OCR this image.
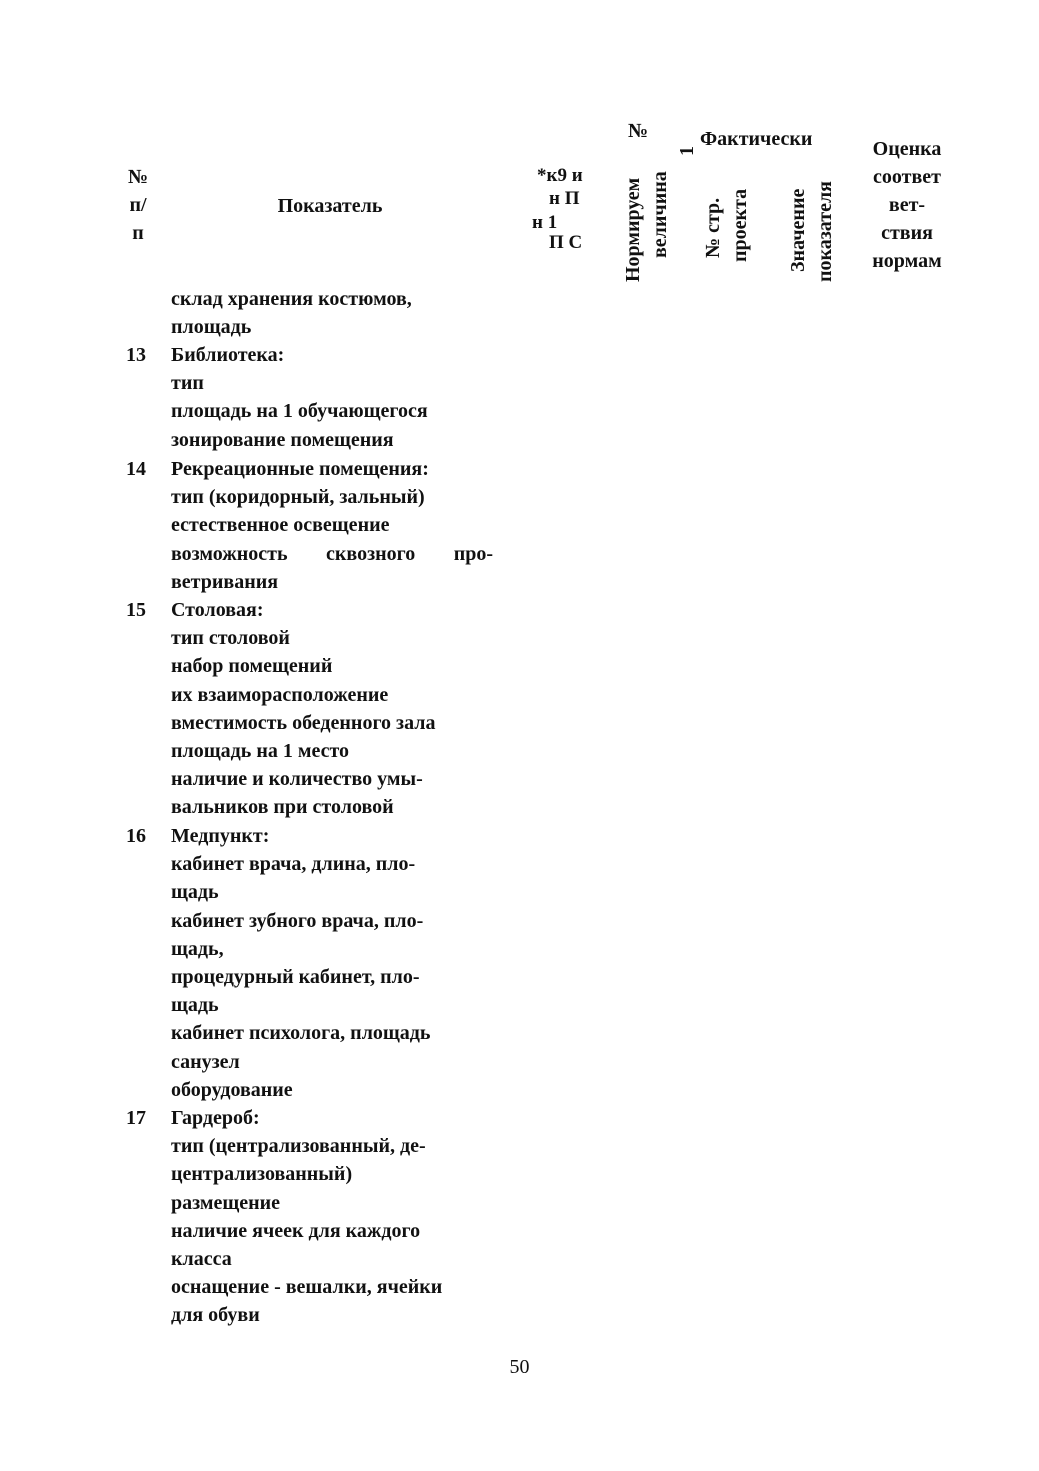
№
п/
п
Показатель
*к9 и
н П
н 1
П С
№
1
Нормируем величина
Фактически
№ стр. проекта Значение показателя
Оценка
соответ
вет-
ствия
нормам
склад хранения костюмов,
площадь
13 Библиотека:
тип
площадь на 1 обучающегося
зонирование помещения
14 Рекреационные помещения:
тип (коридорный, зальный)
естественное освещение
возможность сквозного про-
ветривания
15 Столовая:
тип столовой
набор помещений
их взаиморасположение
вместимость обеденного зала
площадь на 1 место
наличие и количество умы-
вальников при столовой
16 Медпункт:
кабинет врача, длина, пло-
щадь
кабинет зубного врача, пло-
щадь,
процедурный кабинет, пло-
щадь
кабинет психолога, площадь
санузел
оборудование
17 Гардероб:
тип (централизованный, де-
централизованный)
размещение
наличие ячеек для каждого
класса
оснащение - вешалки, ячейки
для обуви
50
